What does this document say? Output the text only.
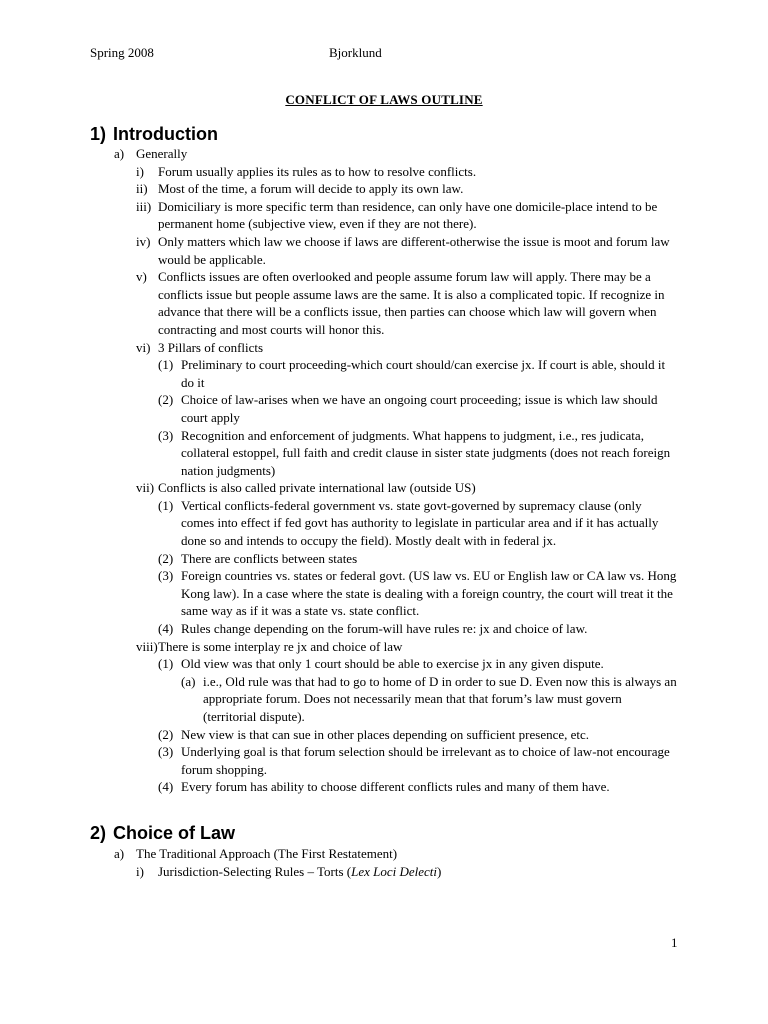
Spring 2008	Bjorklund
CONFLICT OF LAWS OUTLINE
1) Introduction
a) Generally
i) Forum usually applies its rules as to how to resolve conflicts.
ii) Most of the time, a forum will decide to apply its own law.
iii) Domiciliary is more specific term than residence, can only have one domicile-place intend to be permanent home (subjective view, even if they are not there).
iv) Only matters which law we choose if laws are different-otherwise the issue is moot and forum law would be applicable.
v) Conflicts issues are often overlooked and people assume forum law will apply. There may be a conflicts issue but people assume laws are the same. It is also a complicated topic. If recognize in advance that there will be a conflicts issue, then parties can choose which law will govern when contracting and most courts will honor this.
vi) 3 Pillars of conflicts
(1) Preliminary to court proceeding-which court should/can exercise jx. If court is able, should it do it
(2) Choice of law-arises when we have an ongoing court proceeding; issue is which law should court apply
(3) Recognition and enforcement of judgments. What happens to judgment, i.e., res judicata, collateral estoppel, full faith and credit clause in sister state judgments (does not reach foreign nation judgments)
vii) Conflicts is also called private international law (outside US)
(1) Vertical conflicts-federal government vs. state govt-governed by supremacy clause (only comes into effect if fed govt has authority to legislate in particular area and if it has actually done so and intends to occupy the field). Mostly dealt with in federal jx.
(2) There are conflicts between states
(3) Foreign countries vs. states or federal govt. (US law vs. EU or English law or CA law vs. Hong Kong law). In a case where the state is dealing with a foreign country, the court will treat it the same way as if it was a state vs. state conflict.
(4) Rules change depending on the forum-will have rules re: jx and choice of law.
viii) There is some interplay re jx and choice of law
(1) Old view was that only 1 court should be able to exercise jx in any given dispute.
(a) i.e., Old rule was that had to go to home of D in order to sue D. Even now this is always an appropriate forum. Does not necessarily mean that that forum’s law must govern (territorial dispute).
(2) New view is that can sue in other places depending on sufficient presence, etc.
(3) Underlying goal is that forum selection should be irrelevant as to choice of law-not encourage forum shopping.
(4) Every forum has ability to choose different conflicts rules and many of them have.
2) Choice of Law
a) The Traditional Approach (The First Restatement)
i) Jurisdiction-Selecting Rules – Torts (Lex Loci Delecti)
1
